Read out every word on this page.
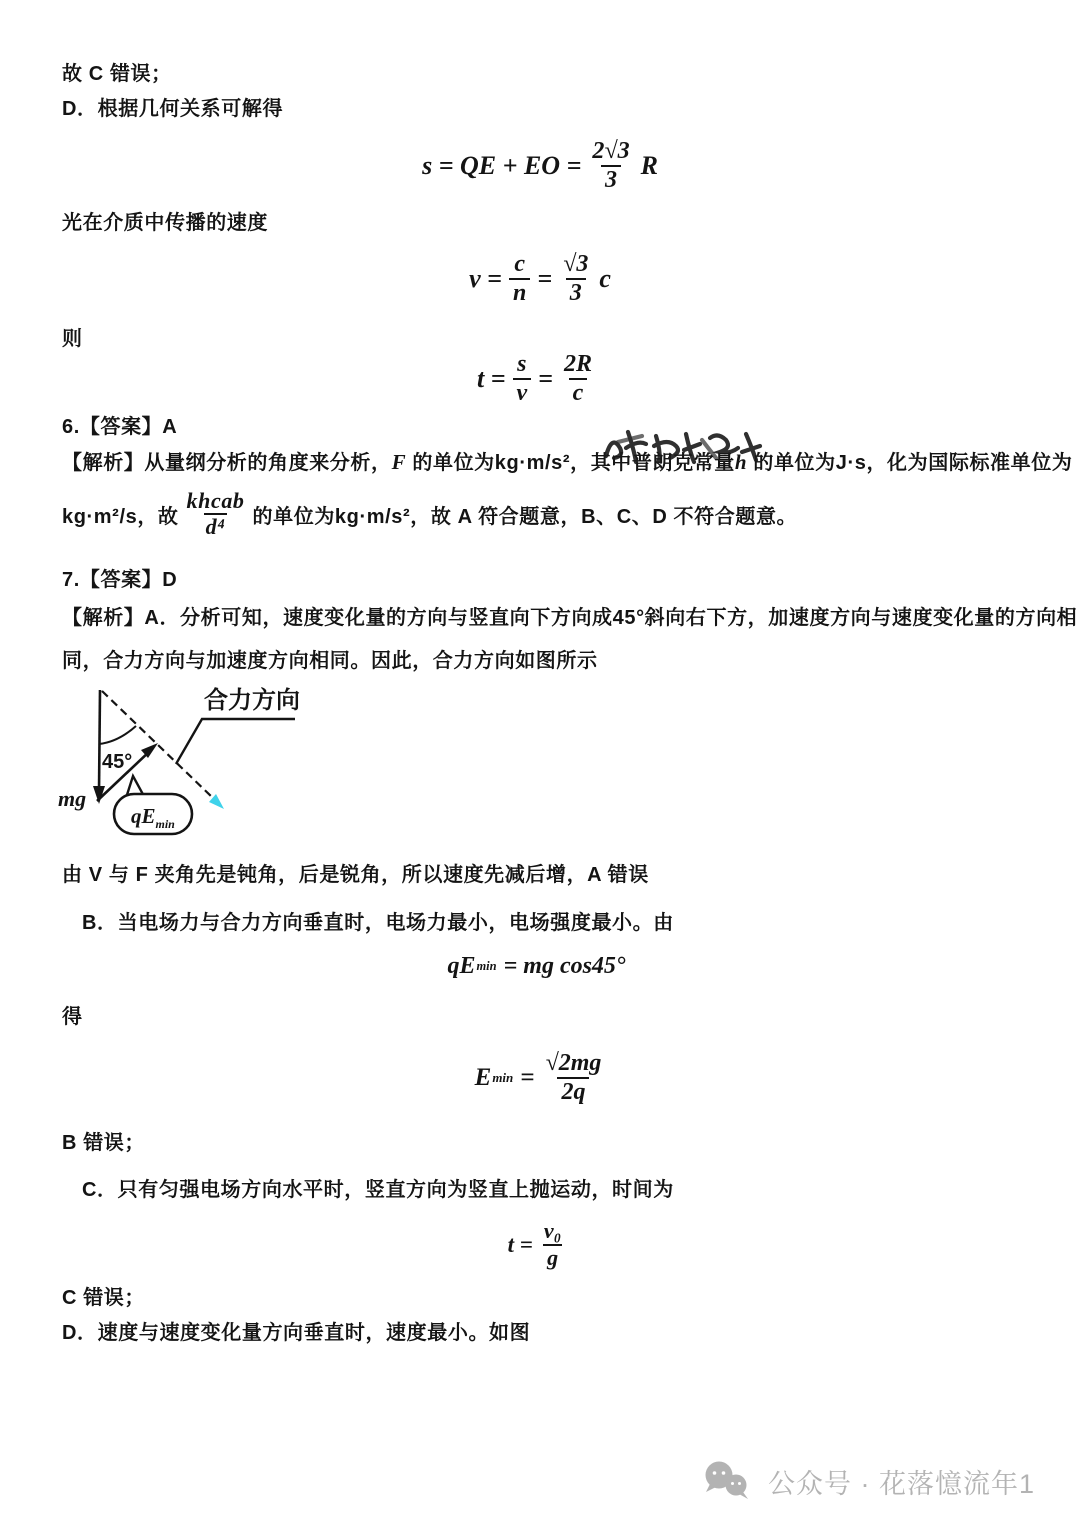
故 C 错误；
D．根据几何关系可解得
s = QE + EO = $\frac{2√3}{3}$ R
光在介质中传播的速度
$v = \frac{c}{n} = \frac{√3}{3}$ c
则
$t = \frac{s}{v} = \frac{2R}{c}$
6.【答案】A
【解析】从量纲分析的角度来分析，F 的单位为kg·m/s²，其中普朗克常量h 的单位为J·s，化为国际标准单位为
kg·m²/s，故 $\frac{\text{khcab}}{\text{d⁴}}$ 的单位为kg·m/s²，故 A 符合题意，B、C、D 不符合题意。
7.【答案】D
【解析】A．分析可知，速度变化量的方向与竖直向下方向成45°斜向右下方，加速度方向与速度变化量的方向相
同，合力方向与加速度方向相同。因此，合力方向如图所示
mg
45°
$qE_{min}$
合力方向
由 V 与 F 夹角先是钝角，后是锐角，所以速度先减后增，A 错误
B．当电场力与合力方向垂直时，电场力最小，电场强度最小。由
qE min = mg cos45°
得
E $\min = \frac{√2mg}{2q}$
B 错误；
C．只有匀强电场方向水平时，竖直方向为竖直上抛运动，时间为
$t = \frac{\text{v₀}}{g}$
C 错误；
D．速度与速度变化量方向垂直时，速度最小。如图
公众号 · 花落憶流年1
